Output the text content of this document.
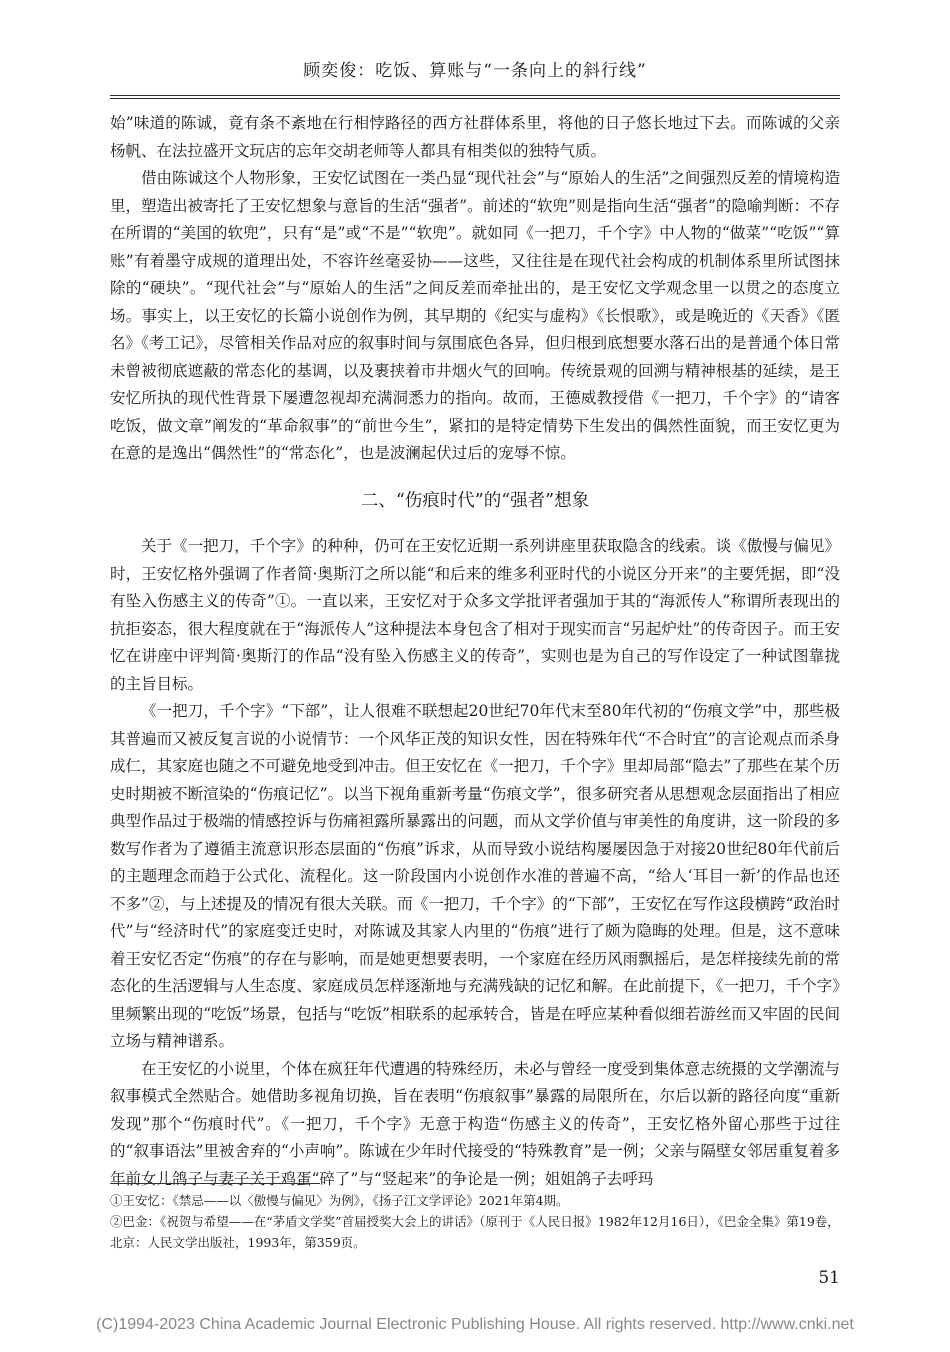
顾奕俊：吃饭、算账与“一条向上的斜行线”

始”味道的陈诚，竟有条不紊地在行相悖路径的西方社群体系里，将他的日子悠长地过下去。而陈诚的父亲杨帆、在法拉盛开文玩店的忘年交胡老师等人都具有相类似的独特气质。

借由陈诚这个人物形象，王安忆试图在一类凸显“现代社会”与“原始人的生活”之间强烈反差的情境构造里，塑造出被寄托了王安忆想象与意旨的生活“强者”。前述的“软兜”则是指向生活“强者”的隐喻判断：不存在所谓的“美国的软兜”，只有“是”或“不是”“软兜”。就如同《一把刀，千个字》中人物的“做菜”“吃饭”“算账”有着墨守成规的道理出处，不容许丝毫妥协——这些，又往往是在现代社会构成的机制体系里所试图抹除的“硬块”。“现代社会”与“原始人的生活”之间反差而牵扯出的，是王安忆文学观念里一以贯之的态度立场。事实上，以王安忆的长篇小说创作为例，其早期的《纪实与虚构》《长恨歌》，或是晚近的《天香》《匿名》《考工记》，尽管相关作品对应的叙事时间与氛围底色各异，但归根到底想要水落石出的是普通个体日常未曾被彻底遮蔽的常态化的基调，以及裹挟着市井烟火气的回响。传统景观的回溯与精神根基的延续，是王安忆所执的现代性背景下屡遭忽视却充满洞悉力的指向。故而，王德威教授借《一把刀，千个字》的“请客吃饭，做文章”阐发的“革命叙事”的“前世今生”，紧扣的是特定情势下生发出的偶然性面貌，而王安忆更为在意的是逸出“偶然性”的“常态化”，也是波澜起伏过后的宠辱不惊。

二、“伤痕时代”的“强者”想象

关于《一把刀，千个字》的种种，仍可在王安忆近期一系列讲座里获取隐含的线索。谈《傲慢与偏见》时，王安忆格外强调了作者简·奥斯汀之所以能“和后来的维多利亚时代的小说区分开来”的主要凭据，即“没有坠入伤感主义的传奇”①。一直以来，王安忆对于众多文学批评者强加于其的“海派传人”称谓所表现出的抗拒姿态，很大程度就在于“海派传人”这种提法本身包含了相对于现实而言“另起炉灶”的传奇因子。而王安忆在讲座中评判简·奥斯汀的作品“没有坠入伤感主义的传奇”，实则也是为自己的写作设定了一种试图靠拢的主旨目标。

《一把刀，千个字》“下部”，让人很难不联想起20世纪70年代末至80年代初的“伤痕文学”中，那些极其普遍而又被反复言说的小说情节：一个风华正茂的知识女性，因在特殊年代“不合时宜”的言论观点而杀身成仁，其家庭也随之不可避免地受到冲击。但王安忆在《一把刀，千个字》里却局部“隐去”了那些在某个历史时期被不断渲染的“伤痕记忆”。以当下视角重新考量“伤痕文学”，很多研究者从思想观念层面指出了相应典型作品过于极端的情感控诉与伤痛袒露所暴露出的问题，而从文学价值与审美性的角度讲，这一阶段的多数写作者为了遵循主流意识形态层面的“伤痕”诉求，从而导致小说结构屡屡因急于对接20世纪80年代前后的主题理念而趋于公式化、流程化。这一阶段国内小说创作水准的普遍不高，“给人‘耳目一新’的作品也还不多”②，与上述提及的情况有很大关联。而《一把刀，千个字》的“下部”，王安忆在写作这段横跨“政治时代”与“经济时代”的家庭变迁史时，对陈诚及其家人内里的“伤痕”进行了颇为隐晦的处理。但是，这不意味着王安忆否定“伤痕”的存在与影响，而是她更想要表明，一个家庭在经历风雨飘摇后，是怎样接续先前的常态化的生活逻辑与人生态度、家庭成员怎样逐渐地与充满残缺的记忆和解。在此前提下，《一把刀，千个字》里频繁出现的“吃饭”场景，包括与“吃饭”相联系的起承转合，皆是在呼应某种看似细若游丝而又牢固的民间立场与精神谱系。

在王安忆的小说里，个体在疯狂年代遭遇的特殊经历，未必与曾经一度受到集体意志统摄的文学潮流与叙事模式全然贴合。她借助多视角切换，旨在表明“伤痕叙事”暴露的局限所在，尔后以新的路径向度“重新发现”那个“伤痕时代”。《一把刀，千个字》无意于构造“伤感主义的传奇”，王安忆格外留心那些于过往的“叙事语法”里被舍弃的“小声响”。陈诚在少年时代接受的“特殊教育”是一例；父亲与隔壁女邻居重复着多年前女儿鸽子与妻子关于鸡蛋“碎了”与“竖起来”的争论是一例；姐姐鸽子去呼玛

①王安忆：《禁忌——以〈傲慢与偏见〉为例》，《扬子江文学评论》2021年第4期。

②巴金：《祝贺与希望——在“茅盾文学奖”首届授奖大会上的讲话》（原刊于《人民日报》1982年12月16日），《巴金全集》第19卷，北京：人民文学出版社，1993年，第359页。

51
(C)1994-2023 China Academic Journal Electronic Publishing House. All rights reserved. http://www.cnki.net
